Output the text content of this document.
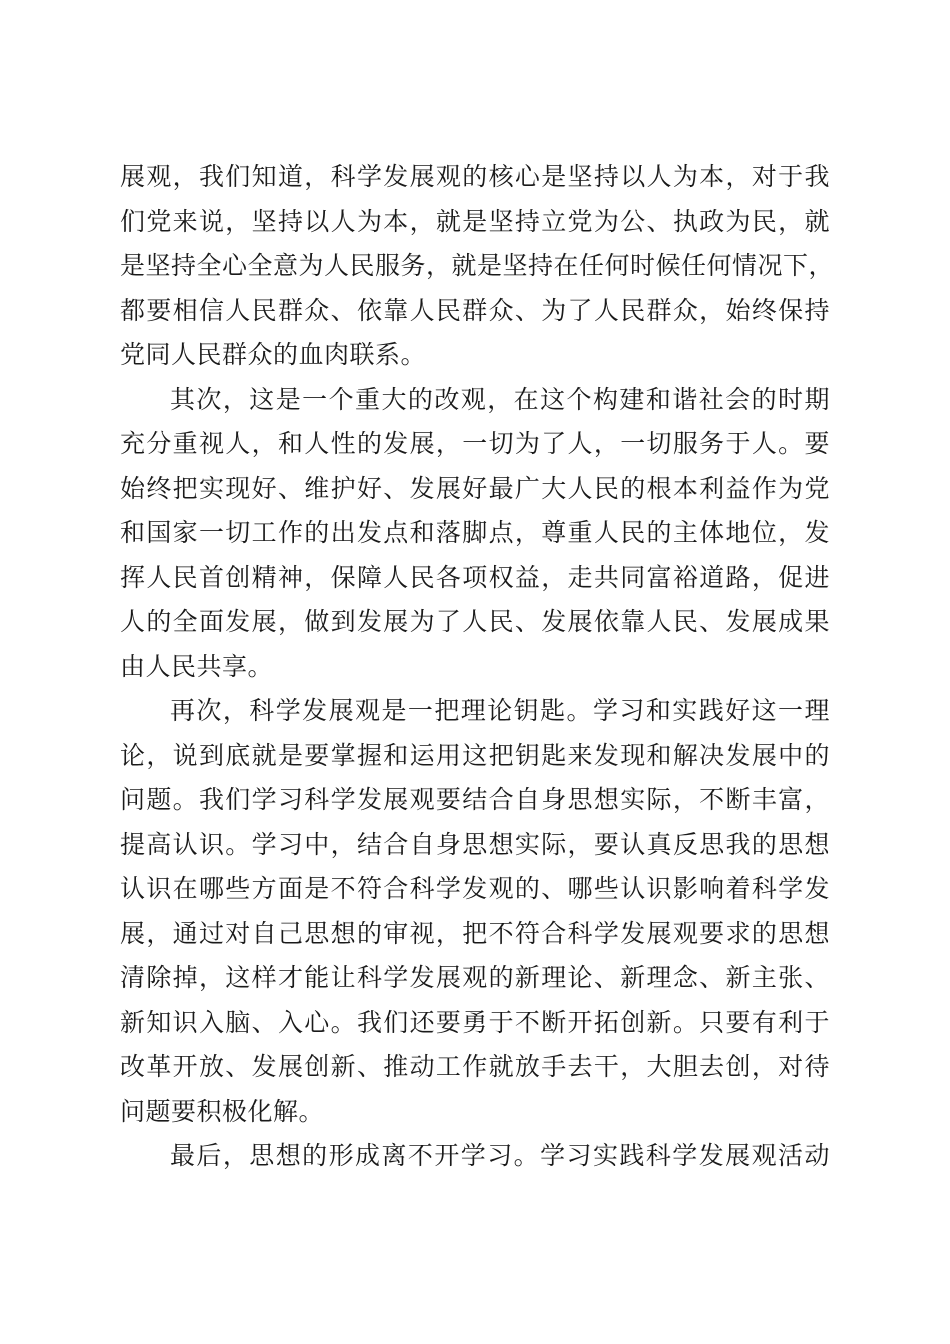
展观，我们知道，科学发展观的核心是坚持以人为本，对于我
们党来说，坚持以人为本，就是坚持立党为公、执政为民，就
是坚持全心全意为人民服务，就是坚持在任何时候任何情况下，
都要相信人民群众、依靠人民群众、为了人民群众，始终保持
党同人民群众的血肉联系。
其次，这是一个重大的改观，在这个构建和谐社会的时期
充分重视人，和人性的发展，一切为了人，一切服务于人。要
始终把实现好、维护好、发展好最广大人民的根本利益作为党
和国家一切工作的出发点和落脚点，尊重人民的主体地位，发
挥人民首创精神，保障人民各项权益，走共同富裕道路，促进
人的全面发展，做到发展为了人民、发展依靠人民、发展成果
由人民共享。
再次，科学发展观是一把理论钥匙。学习和实践好这一理
论，说到底就是要掌握和运用这把钥匙来发现和解决发展中的
问题。我们学习科学发展观要结合自身思想实际，不断丰富，
提高认识。学习中，结合自身思想实际，要认真反思我的思想
认识在哪些方面是不符合科学发观的、哪些认识影响着科学发
展，通过对自己思想的审视，把不符合科学发展观要求的思想
清除掉，这样才能让科学发展观的新理论、新理念、新主张、
新知识入脑、入心。我们还要勇于不断开拓创新。只要有利于
改革开放、发展创新、推动工作就放手去干，大胆去创，对待
问题要积极化解。
最后，思想的形成离不开学习。学习实践科学发展观活动
